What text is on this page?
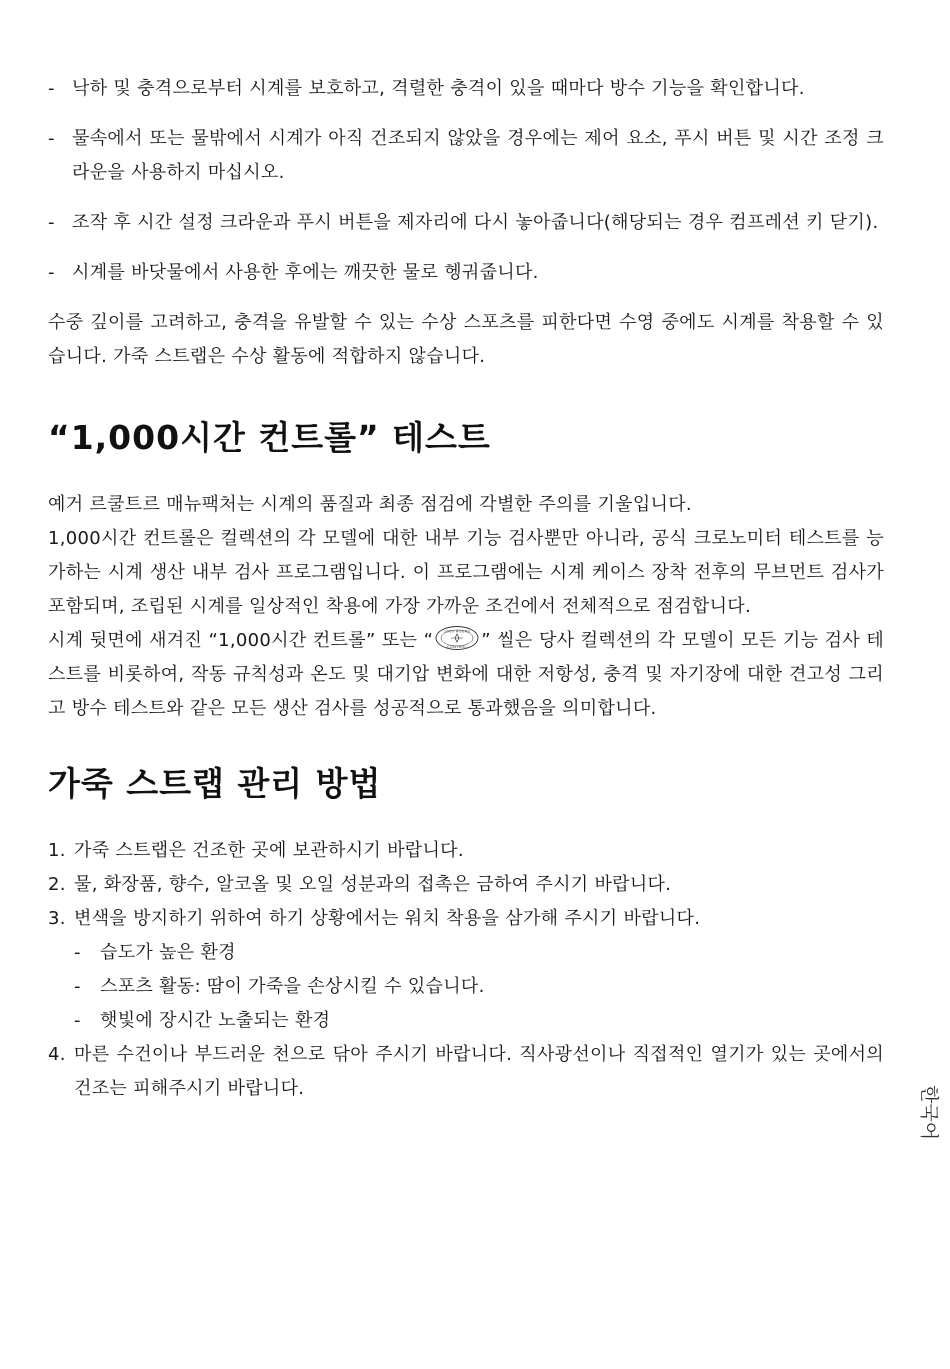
- 낙하 및 충격으로부터 시계를 보호하고, 격렬한 충격이 있을 때마다 방수 기능을 확인합니다.
- 물속에서 또는 물밖에서 시계가 아직 건조되지 않았을 경우에는 제어 요소, 푸시 버튼 및 시간 조정 크라운을 사용하지 마십시오.
- 조작 후 시간 설정 크라운과 푸시 버튼을 제자리에 다시 놓아줍니다(해당되는 경우 컴프레션 키 닫기).
- 시계를 바닷물에서 사용한 후에는 깨끗한 물로 헹궈줍니다.

수중 깊이를 고려하고, 충격을 유발할 수 있는 수상 스포츠를 피한다면 수영 중에도 시계를 착용할 수 있습니다. 가죽 스트랩은 수상 활동에 적합하지 않습니다.

“1,000시간 컨트롤” 테스트

예거 르쿨트르 매뉴팩처는 시계의 품질과 최종 점검에 각별한 주의를 기울입니다.

1,000시간 컨트롤은 컬렉션의 각 모델에 대한 내부 기능 검사뿐만 아니라, 공식 크로노미터 테스트를 능가하는 시계 생산 내부 검사 프로그램입니다. 이 프로그램에는 시계 케이스 장착 전후의 무브먼트 검사가 포함되며, 조립된 시계를 일상적인 착용에 가장 가까운 조건에서 전체적으로 점검합니다.

시계 뒷면에 새겨진 “1,000시간 컨트롤” 또는 “	1000 HOURS
CONTROL ” 씰은 당사 컬렉션의 각 모델이 모든 기능 검사 테스트를 비롯하여, 작동 규칙성과 온도 및 대기압 변화에 대한 저항성, 충격 및 자기장에 대한 견고성 그리고 방수 테스트와 같은 모든 생산 검사를 성공적으로 통과했음을 의미합니다.

가죽 스트랩 관리 방법
1. 가죽 스트랩은 건조한 곳에 보관하시기 바랍니다.
2. 물, 화장품, 향수, 알코올 및 오일 성분과의 접촉은 금하여 주시기 바랍니다.
3. 변색을 방지하기 위하여 하기 상황에서는 워치 착용을 삼가해 주시기 바랍니다.
- 습도가 높은 환경
- 스포츠 활동: 땀이 가죽을 손상시킬 수 있습니다.
- 햇빛에 장시간 노출되는 환경
4. 마른 수건이나 부드러운 천으로 닦아 주시기 바랍니다. 직사광선이나 직접적인 열기가 있는 곳에서의 건조는 피해주시기 바랍니다.	한국어
